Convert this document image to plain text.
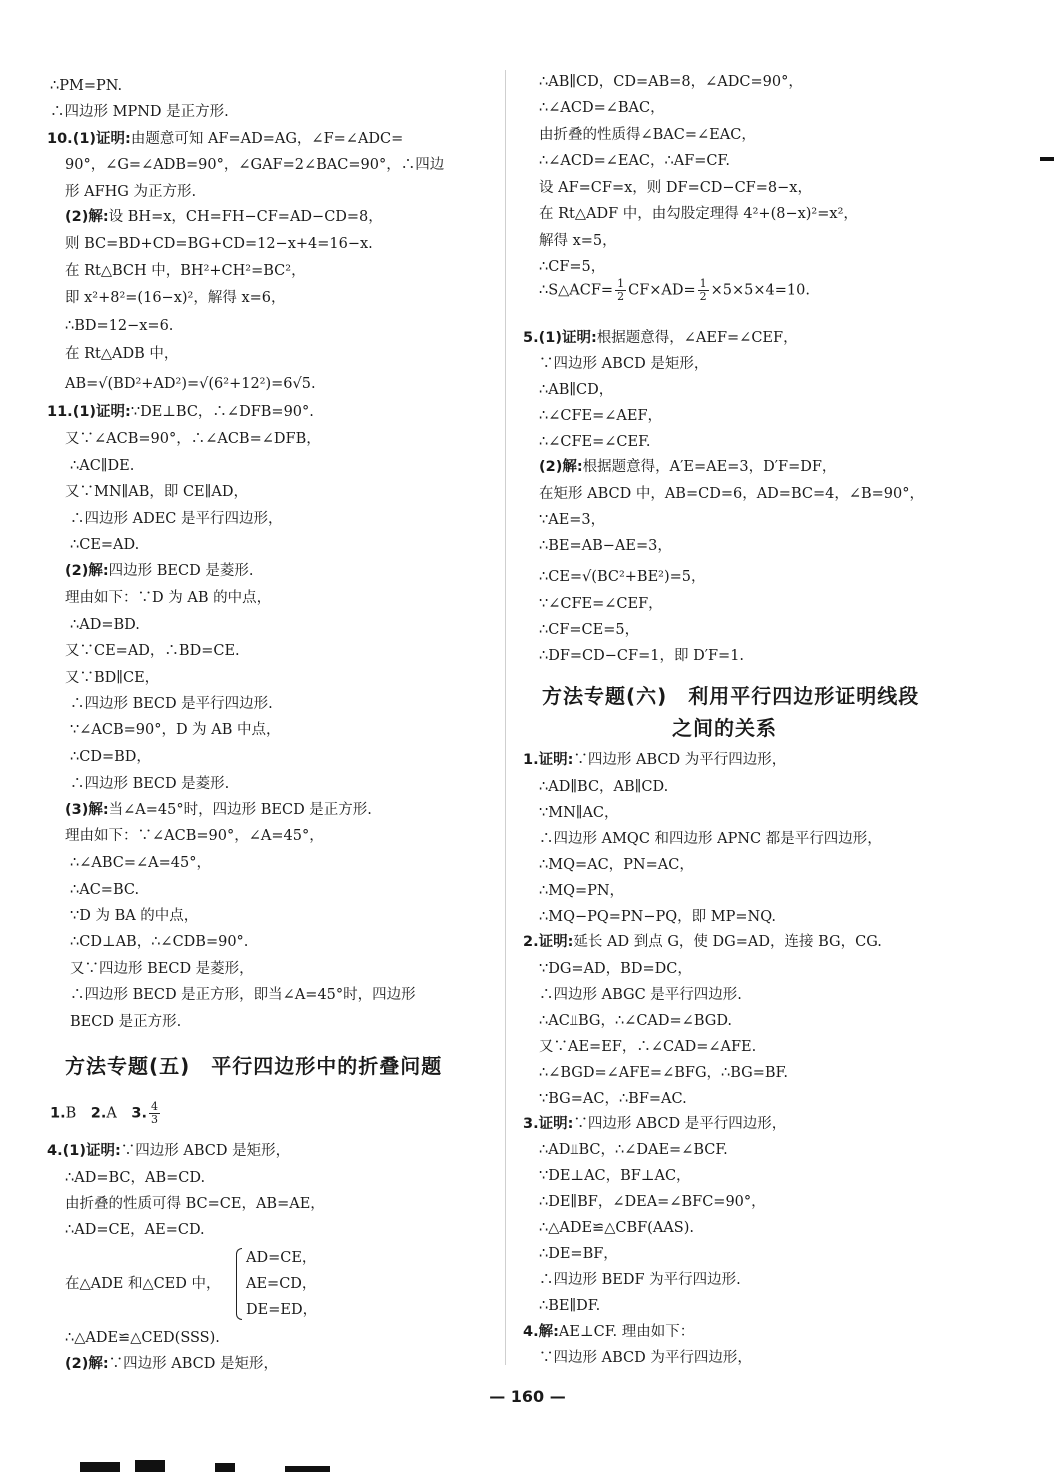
∴PM=PN.
∴四边形 MPND 是正方形.
10.(1)证明:由题意可知 AF=AD=AG，∠F=∠ADC=
90°，∠G=∠ADB=90°，∠GAF=2∠BAC=90°，∴四边
形 AFHG 为正方形.
(2)解:设 BH=x，CH=FH−CF=AD−CD=8，
则 BC=BD+CD=BG+CD=12−x+4=16−x.
在 Rt△BCH 中，BH²+CH²=BC²，
即 x²+8²=(16−x)²，解得 x=6，
∴BD=12−x=6.
在 Rt△ADB 中，
AB=√(BD²+AD²)=√(6²+12²)=6√5.
11.(1)证明:∵DE⊥BC，∴∠DFB=90°.
又∵∠ACB=90°，∴∠ACB=∠DFB，
∴AC∥DE.
又∵MN∥AB，即 CE∥AD，
∴四边形 ADEC 是平行四边形，
∴CE=AD.
(2)解:四边形 BECD 是菱形.
理由如下：∵D 为 AB 的中点，
∴AD=BD.
又∵CE=AD，∴BD=CE.
又∵BD∥CE，
∴四边形 BECD 是平行四边形.
∵∠ACB=90°，D 为 AB 中点，
∴CD=BD，
∴四边形 BECD 是菱形.
(3)解:当∠A=45°时，四边形 BECD 是正方形.
理由如下：∵∠ACB=90°，∠A=45°，
∴∠ABC=∠A=45°，
∴AC=BC.
∵D 为 BA 的中点，
∴CD⊥AB，∴∠CDB=90°.
又∵四边形 BECD 是菱形，
∴四边形 BECD 是正方形，即当∠A=45°时，四边形
BECD 是正方形.
1.B　 2.A　 3. $\frac{4}{3}$
4.(1)证明:∵四边形 ABCD 是矩形，
∴AD=BC，AB=CD.
由折叠的性质可得 BC=CE，AB=AE，
∴AD=CE，AE=CD.
在△ADE 和△CED 中，
AD=CE，
AE=CD，
DE=ED，
∴△ADE≌△CED(SSS).
(2)解:∵四边形 ABCD 是矩形，
方法专题(五)　平行四边形中的折叠问题
∴AB∥CD，CD=AB=8，∠ADC=90°，
∴∠ACD=∠BAC，
由折叠的性质得∠BAC=∠EAC，
∴∠ACD=∠EAC，∴AF=CF.
设 AF=CF=x，则 DF=CD−CF=8−x，
在 Rt△ADF 中，由勾股定理得 4²+(8−x)²=x²，
解得 x=5，
∴CF=5，
∴S△ACF= $\frac{1}{2} CF\times AD= \frac{1}{2} \times 5\times 5\times 4=10$.
5.(1)证明:根据题意得，∠AEF=∠CEF，
∵四边形 ABCD 是矩形，
∴AB∥CD，
∴∠CFE=∠AEF，
∴∠CFE=∠CEF.
(2)解:根据题意得，A′E=AE=3，D′F=DF，
在矩形 ABCD 中，AB=CD=6，AD=BC=4，∠B=90°，
∵AE=3，
∴BE=AB−AE=3，
∴CE=√(BC²+BE²)=5，
∵∠CFE=∠CEF，
∴CF=CE=5，
∴DF=CD−CF=1，即 D′F=1.
1.证明:∵四边形 ABCD 为平行四边形，
∴AD∥BC，AB∥CD.
∵MN∥AC，
∴四边形 AMQC 和四边形 APNC 都是平行四边形，
∴MQ=AC，PN=AC，
∴MQ=PN，
∴MQ−PQ=PN−PQ，即 MP=NQ.
2.证明:延长 AD 到点 G，使 DG=AD，连接 BG，CG.
∵DG=AD，BD=DC，
∴四边形 ABGC 是平行四边形.
∴AC⫫BG，∴∠CAD=∠BGD.
又∵AE=EF，∴∠CAD=∠AFE.
∴∠BGD=∠AFE=∠BFG，∴BG=BF.
∵BG=AC，∴BF=AC.
3.证明:∵四边形 ABCD 是平行四边形，
∴AD⫫BC，∴∠DAE=∠BCF.
∵DE⊥AC，BF⊥AC，
∴DE∥BF，∠DEA=∠BFC=90°，
∴△ADE≌△CBF(AAS).
∴DE=BF，
∴四边形 BEDF 为平行四边形.
∴BE∥DF.
4.解:AE⊥CF. 理由如下：
∵四边形 ABCD 为平行四边形，
方法专题(六)　利用平行四边形证明线段
之间的关系
— 160 —
